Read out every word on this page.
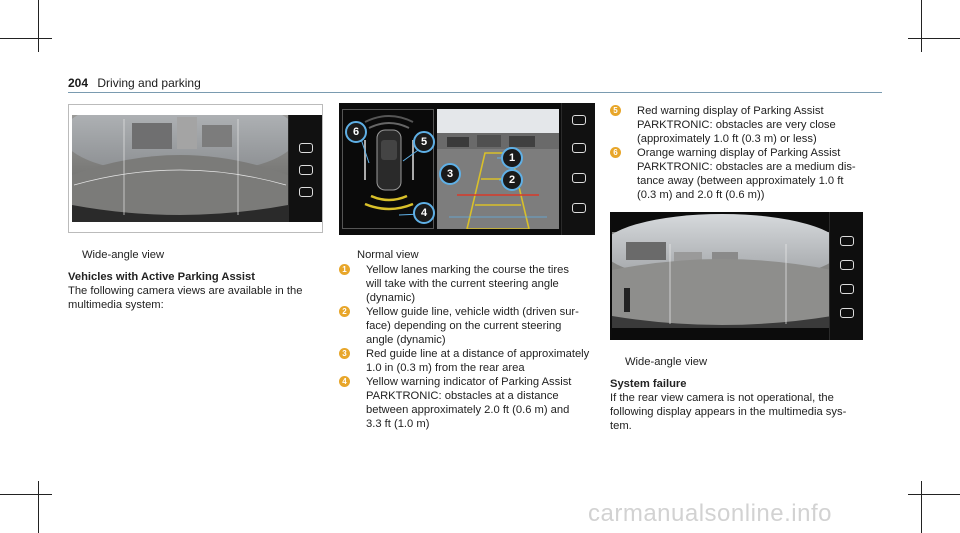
204 Driving and parking
Wide-angle view
Vehicles with Active Parking Assist
The following camera views are available in the
multimedia system:
6
5
4
3
1
2
Normal view
1 Yellow lanes marking the course the tires
will take with the current steering angle
(dynamic)
2 Yellow guide line, vehicle width (driven sur-
face) depending on the current steering
angle (dynamic)
3 Red guide line at a distance of approximately
1.0 in (0.3 m) from the rear area
4 Yellow warning indicator of Parking Assist
PARKTRONIC: obstacles at a distance
between approximately 2.0 ft (0.6 m) and
3.3 ft (1.0 m)
5 Red warning display of Parking Assist
PARKTRONIC: obstacles are very close
(approximately 1.0 ft (0.3 m) or less)
6 Orange warning display of Parking Assist
PARKTRONIC: obstacles are a medium dis-
tance away (between approximately 1.0 ft
(0.3 m) and 2.0 ft (0.6 m))
Wide-angle view
System failure
If the rear view camera is not operational, the
following display appears in the multimedia sys-
tem.
carmanualsonline.info
